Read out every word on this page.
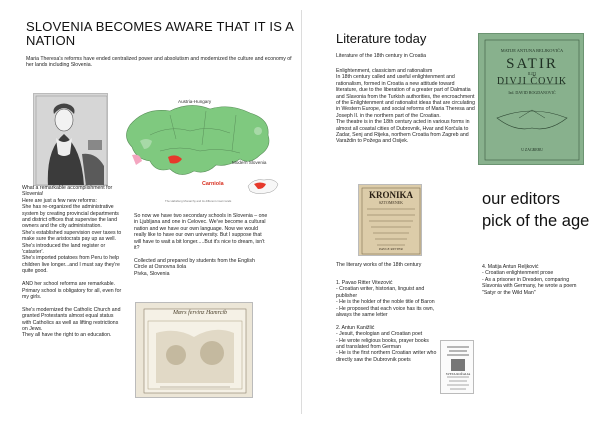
SLOVENIA BECOMES AWARE THAT IT IS A NATION
Maria Theresa's reforms have ended centralized power and absolutism and modernized the culture and economy of her lands including Slovenia.
Austria-Hungary
Modern Slovenia
Carniola
The Habsburg Monarchy and its different crown lands
What a remarkable accomplishment for Slovenia!
Here are just a few new reforms:
She has re-organized the administrative system by creating provincial departments and district offices that supervise the land owners and the city administration.
She's established supervision over taxes to make sure the aristocrats pay up as well.
She's introduced the land register or 'cataster'.
She's imported potatoes from Peru to help
children live longer...and I must say they're quite good.

AND her school reforms are remarkable. Primary school is obligatory for all, even for my girls.

She's modernized the Catholic Church and granted Protestants almost equal status with Catholics as well as lifting restrictions on Jews.
They all have the right to an education.
So now we have two secondary schools in Slovenia – one in Ljubljana and one in Celovec. We've become a cultural nation and we have our own language. Now we would really like to have our own university. But I suppose that will have to wait a bit longer.....But it's nice to dream, isn't it?

Collected and prepared by students from the English Circle at Osnovna šola
Pivka, Slovenia
Mœrs fervinz Hamrcib
Literature today
Literature of the 18th century in Croatia
Enlightenment, classicism and rationalism
In 18th century called and useful enlightenment and rationalism, formed in Croatia a new attitude toward literature, due to the liberation of a greater part of Dalmatia and Slavonia from the Turkish authorities, the encroachment of the Enlightenment and rationalist ideas that are circulating in Western Europe, and social reforms of Maria Theresa and Joseph II. in the northern part of the Croatian.
The theatre is in the 18th century acted in various forms in almost all coastal cities of Dubrovnik, Hvar and Korčula to Zadar, Senj and Rijeka, northern Croatia from Zagreb and Varaždin to Požega and Osijek.
KRONIKA
SZTOMENEK
PAVLE RITTER
The literary works of the 18th century
1. Pavao Ritter Vitezović
- Croatian writer, historian, linguist and publisher
- He is the holder of the noble title of Baron
- He proposed that each voice has its own, always the same letter

2. Antun Kanižlić
- Jesuit, theologian and Croatian poet
- He wrote religious books, prayer books and translated from German
- He is the first northern Croatian writer who directly saw the Dubrovnik poets
SVETA ROŽALIA
MATIJE ANTUNA RELJKOVIĆA
SATIR
ILITI
DIVJI ČOVIK
Izd. DAVID BOGDANOVIĆ
U ZAGREBU
our editors pick of the age
4. Matija Antun Reljković
- Croatian enlightenment prose
- As a prisoner in Dresden, comparing Slavonia with Germany, he wrote a poem
"Satyr or the Wild Man"
